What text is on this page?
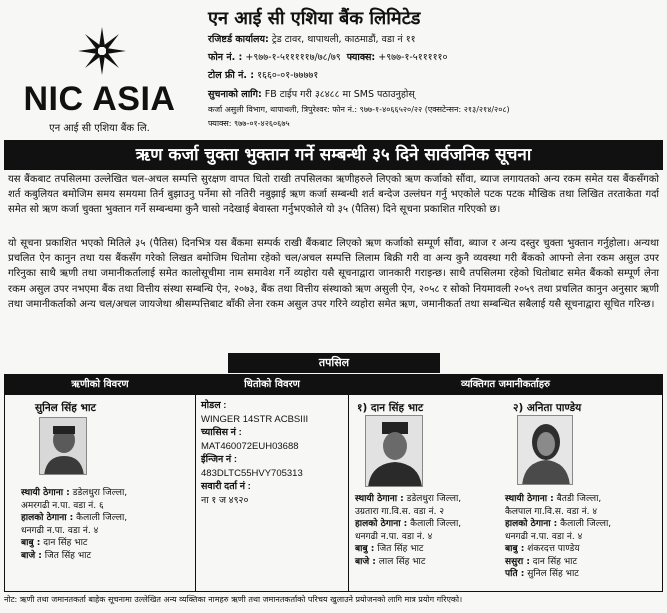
NIC ASIA
एन आई सी एशिया बैंक लि.
एन आई सी एशिया बैंक लिमिटेड
रजिष्टर्ड कार्यालय: ट्रेड टावर, थापाथली, काठमाडौं, वडा नं ११
फोन नं. : +९७७-१-५१११११७/७८/७९ फ्याक्स: +९७७-१-५१११११०
टोल फ्री नं. : १६६०-०१-७७७७१
सुचनाको लागि: FB टाईप गरी ३८४८८ मा SMS पठाउनुहोस्
कर्जा असुली विभाग, थापाथली, त्रिपुरेश्वर: फोन नं.: ९७७-१-४०६६५२०/२२ (एक्सटेन्सन: २१३/२१४/२०८)
फ्याक्स: ९७७-०१-४२६०६७५
ऋण कर्जा चुक्ता भुक्तान गर्ने सम्बन्धी ३५ दिने सार्वजनिक सूचना
यस बैंकबाट तपसिलमा उल्लेखित चल-अचल सम्पत्ति सुरक्षण वापत धितो राखी तपसिलका ऋणीहरुले लिएको ऋण कर्जाको सौंवा, ब्याज लगायतको अन्य रकम समेत यस बैंकसँगको शर्त कबुलियत बमोजिम समय समयमा तिर्न बुझाउनु पर्नेमा सो नतिरी नबुझाई ऋण कर्जा सम्बन्धी शर्त बन्देज उल्लंघन गर्नु भएकोले पटक पटक मौखिक तथा लिखित तरताकेता गर्दा समेत सो ऋण कर्जा चुक्ता भुक्तान गर्ने सम्बन्धमा कुनै चासो नदेखाई बेवास्ता गर्नुभएकोले यो ३५ (पैतिस) दिने सूचना प्रकाशित गरिएको छ।
यो सूचना प्रकाशित भएको मितिले ३५ (पैतिस) दिनभित्र यस बैंकमा सम्पर्क राखी बैंकबाट लिएको ऋण कर्जाको सम्पूर्ण सौंवा, ब्याज र अन्य दस्तुर चुक्ता भुक्तान गर्नुहोला। अन्यथा प्रचलित ऐन कानुन तथा यस बैंकसँग गरेको लिखत बमोजिम धितोमा रहेको चल/अचल सम्पत्ति लिलाम बिक्री गरी वा अन्य कुनै व्यवस्था गरी बैंकको आफ्नो लेना रकम असुल उपर गरिनुका साथै ऋणी तथा जमानीकर्तालाई समेत कालोसूचीमा नाम समावेश गर्ने व्यहोरा यसै सूचनाद्वारा जानकारी गराइन्छ। साथै तपसिलमा रहेको धितोबाट समेत बैंकको सम्पूर्ण लेना रकम असुल उपर नभएमा बैंक तथा वित्तीय संस्था सम्बन्धि ऐन, २०७३, बैंक तथा वित्तीय संस्थाको ऋण असुली ऐन, २०५८ र सोको नियमावली २०५९ तथा प्रचलित कानुन अनुसार ऋणी तथा जमानीकर्ताको अन्य चल/अचल जायजेथा श्रीसम्पत्तिबाट बाँकी लेना रकम असुल उपर गरिने व्यहोरा समेत ऋण, जमानीकर्ता तथा सम्बन्धित सबैलाई यसै सूचनाद्वारा सूचित गरिन्छ।
तपसिल
ऋणीको विवरण	धितोको विवरण	व्यक्तिगत जमानीकर्ताहरु
सुनिल सिंह भाट
स्थायी ठेगाना : डडेलधुरा जिल्ला,
अमरगढी न.पा. वडा नं. ६
हालको ठेगाना : कैलाली जिल्ला,
धनगढी न.पा. वडा नं. ४
बाबु : दान सिंह भाट
बाजे : जित सिंह भाट
मोडल :
WINGER 14STR ACBSIII
च्यासिस नं :
MAT460072EUH03688
ईन्जिन नं :
483DLTC55HVY705313
सवारी दर्ता नं :
ना १ ज ४९२०
१) दान सिंह भाट
स्थायी ठेगाना : डडेलधुरा जिल्ला,
उग्रतारा गा.वि.स. वडा नं. २
हालको ठेगाना : कैलाली जिल्ला,
धनगढी न.पा. वडा नं. ४
बाबु : जित सिंह भाट
बाजे : लाल सिंह भाट
२) अनिता पाण्डेय
स्थायी ठेगाना : बैतडी जिल्ला,
कैलपाल गा.वि.स. वडा नं. ४
हालको ठेगाना : कैलाली जिल्ला,
धनगढी न.पा. वडा नं. ४
बाबु : शंकरदत्त पाण्डेय
ससुरा : दान सिंह भाट
पति : सुनिल सिंह भाट
नोट: ऋणी तथा जमानतकर्ता बाहेक सूचनामा उल्लेखित अन्य व्यक्तिका नामहरु ऋणी तथा जमानतकर्ताको परिचय खुलाउने प्रयोजनको लागि मात्र प्रयोग गरिएको।
